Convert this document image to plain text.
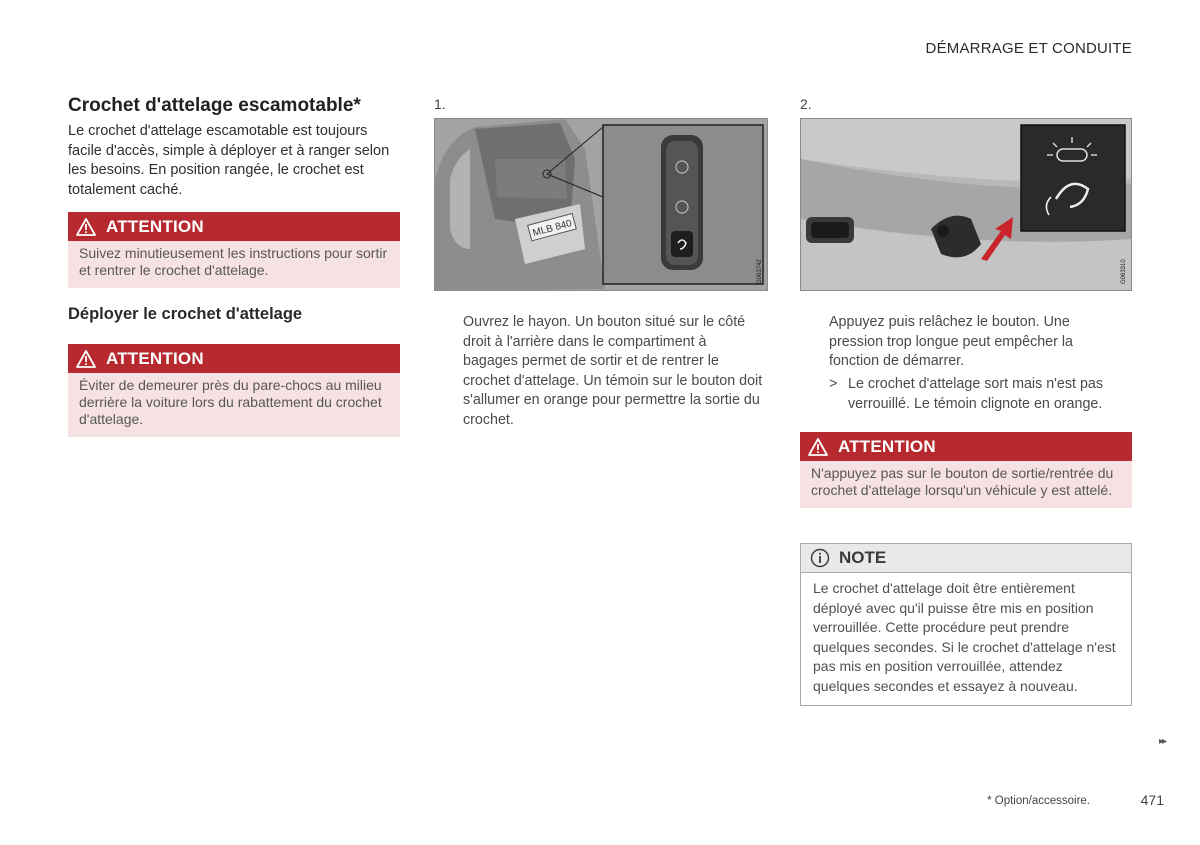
DÉMARRAGE ET CONDUITE
Crochet d'attelage escamotable*

Le crochet d'attelage escamotable est toujours facile d'accès, simple à déployer et à ranger selon les besoins. En position rangée, le crochet est totalement caché.

ATTENTION
Suivez minutieusement les instructions pour sortir et rentrer le crochet d'attelage.
Déployer le crochet d'attelage
ATTENTION
Éviter de demeurer près du pare-chocs au milieu derrière la voiture lors du rabattement du crochet d'attelage.
1.
MLB 840
G063742

Ouvrez le hayon. Un bouton situé sur le côté droit à l'arrière dans le compartiment à bagages permet de sortir et de rentrer le crochet d'attelage. Un témoin sur le bouton doit s'allumer en orange pour permettre la sortie du crochet.

2.
G063310

Appuyez puis relâchez le bouton. Une pression trop longue peut empêcher la fonction de démarrer.

> Le crochet d'attelage sort mais n'est pas verrouillé. Le témoin clignote en orange.
ATTENTION
N'appuyez pas sur le bouton de sortie/rentrée du crochet d'attelage lorsqu'un véhicule y est attelé.
NOTE
Le crochet d'attelage doit être entièrement déployé avec qu'il puisse être mis en position verrouillée. Cette procédure peut prendre quelques secondes. Si le crochet d'attelage n'est pas mis en position verrouillée, attendez quelques secondes et essayez à nouveau.
▸▸
* Option/accessoire.	471
